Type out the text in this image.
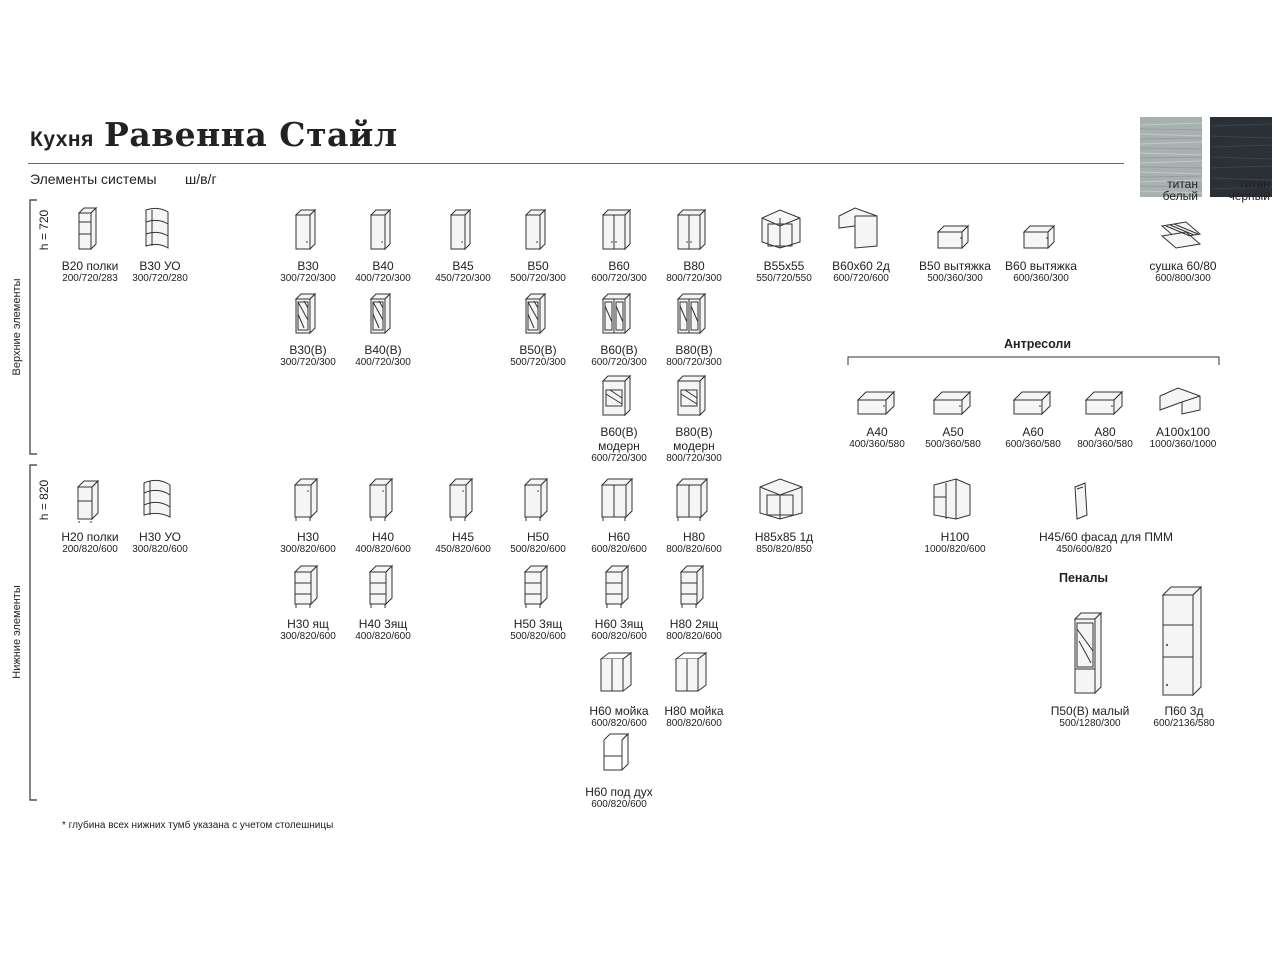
Кухня Равенна Стайл
Элементы системы ш/в/г	титан
белый
титан
черный
Верхние элементы
h = 720
Нижние элементы
h = 820
Антресоли
Пеналы
В20 полки
200/720/283
В30 УО
300/720/280
В30
300/720/300
В40
400/720/300
В45
450/720/300
В50
500/720/300
В60
600/720/300
В80
800/720/300
В55х55
550/720/550
В60х60 2д
600/720/600
В50 вытяжка
500/360/300
В60 вытяжка
600/360/300
сушка 60/80
600/800/300
В30(В)
300/720/300
В40(В)
400/720/300
В50(В)
500/720/300
В60(В)
600/720/300
В80(В)
800/720/300
В60(В)
модерн
600/720/300
В80(В)
модерн
800/720/300
А40
400/360/580
А50
500/360/580
А60
600/360/580
А80
800/360/580
А100х100
1000/360/1000
Н20 полки
200/820/600
Н30 УО
300/820/600
Н30
300/820/600
Н40
400/820/600
Н45
450/820/600
Н50
500/820/600
Н60
600/820/600
Н80
800/820/600
Н85х85 1д
850/820/850
Н100
1000/820/600
Н45/60 фасад для ПММ
450/600/820
Н30 ящ
300/820/600
Н40 3ящ
400/820/600
Н50 3ящ
500/820/600
Н60 3ящ
600/820/600
Н80 2ящ
800/820/600
Н60 мойка
600/820/600
Н80 мойка
800/820/600
Н60 под дух
600/820/600
П50(В) малый
500/1280/300
П60 3д
600/2136/580
* глубина всех нижних тумб указана с учетом столешницы
